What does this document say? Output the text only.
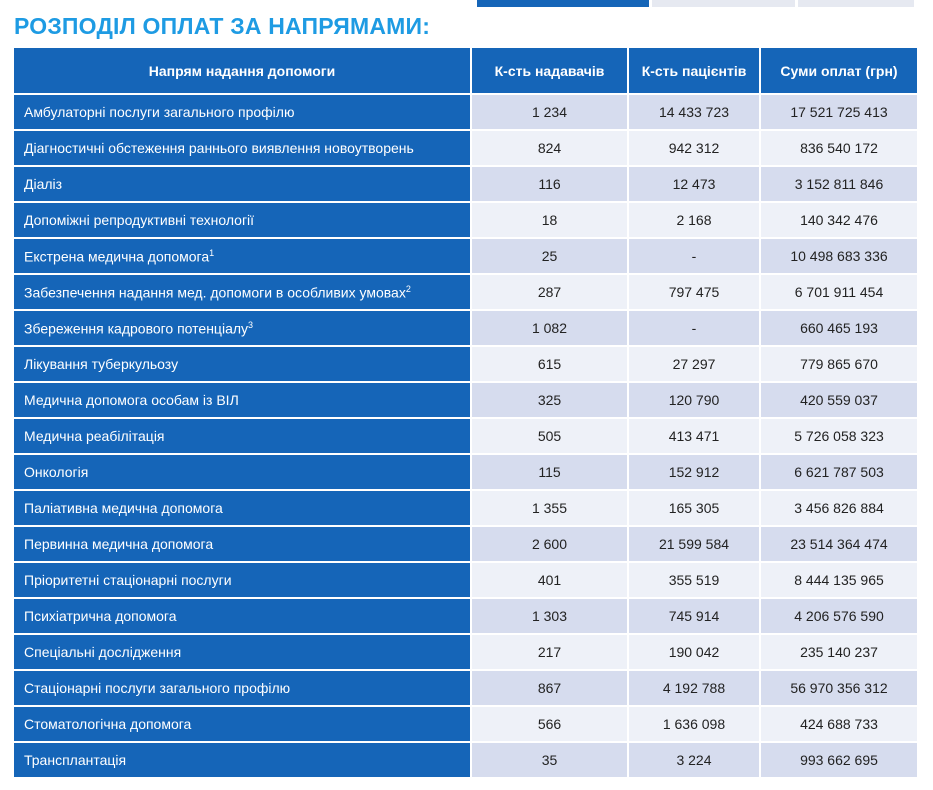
РОЗПОДІЛ ОПЛАТ ЗА НАПРЯМАМИ:
Напрям надання допомоги	К-сть надавачів	К-сть пацієнтів	Суми оплат (грн)
Амбулаторні послуги загального профілю	1 234	14 433 723	17 521 725 413
Діагностичні обстеження раннього виявлення новоутворень	824	942 312	836 540 172
Діаліз	116	12 473	3 152 811 846
Допоміжні репродуктивні технології	18	2 168	140 342 476
Екстрена медична допомога$^1$	25	-	10 498 683 336
Забезпечення надання мед. допомоги в особливих умовах$^2$	287	797 475	6 701 911 454
Збереження кадрового потенціалу$^3$	1 082	-	660 465 193
Лікування туберкульозу	615	27 297	779 865 670
Медична допомога особам із ВІЛ	325	120 790	420 559 037
Медична реабілітація	505	413 471	5 726 058 323
Онкологія	115	152 912	6 621 787 503
Паліативна медична допомога	1 355	165 305	3 456 826 884
Первинна медична допомога	2 600	21 599 584	23 514 364 474
Пріоритетні стаціонарні послуги	401	355 519	8 444 135 965
Психіатрична допомога	1 303	745 914	4 206 576 590
Спеціальні дослідження	217	190 042	235 140 237
Стаціонарні послуги загального профілю	867	4 192 788	56 970 356 312
Стоматологічна допомога	566	1 636 098	424 688 733
Трансплантація	35	3 224	993 662 695
